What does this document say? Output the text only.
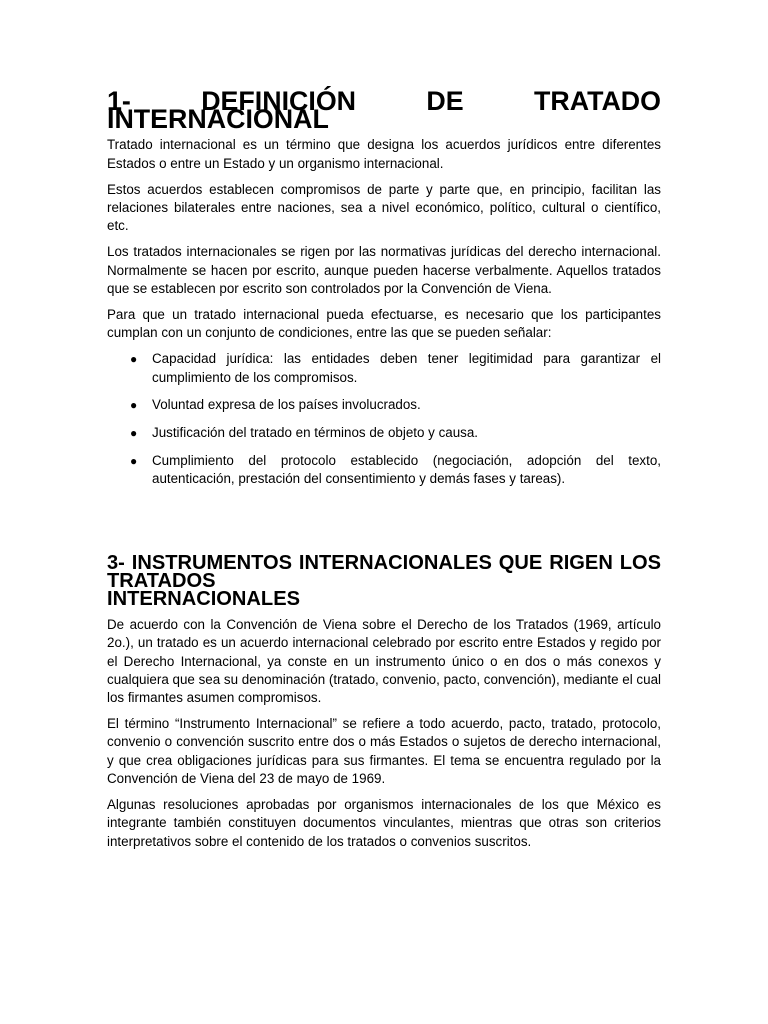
1- DEFINICIÓN DE TRATADO INTERNACIONAL

Tratado internacional es un término que designa los acuerdos jurídicos entre diferentes Estados o entre un Estado y un organismo internacional.

Estos acuerdos establecen compromisos de parte y parte que, en principio, facilitan las relaciones bilaterales entre naciones, sea a nivel económico, político, cultural o científico, etc.

Los tratados internacionales se rigen por las normativas jurídicas del derecho internacional. Normalmente se hacen por escrito, aunque pueden hacerse verbalmente. Aquellos tratados que se establecen por escrito son controlados por la Convención de Viena.

Para que un tratado internacional pueda efectuarse, es necesario que los participantes cumplan con un conjunto de condiciones, entre las que se pueden señalar:

● Capacidad jurídica: las entidades deben tener legitimidad para garantizar el cumplimiento de los compromisos.
● Voluntad expresa de los países involucrados.
● Justificación del tratado en términos de objeto y causa.
● Cumplimiento del protocolo establecido (negociación, adopción del texto, autenticación, prestación del consentimiento y demás fases y tareas).
3- INSTRUMENTOS INTERNACIONALES QUE RIGEN LOS TRATADOS
INTERNACIONALES

De acuerdo con la Convención de Viena sobre el Derecho de los Tratados (1969, artículo 2o.), un tratado es un acuerdo internacional celebrado por escrito entre Estados y regido por el Derecho Internacional, ya conste en un instrumento único o en dos o más conexos y cualquiera que sea su denominación (tratado, convenio, pacto, convención), mediante el cual los firmantes asumen compromisos.

El término “Instrumento Internacional” se refiere a todo acuerdo, pacto, tratado, protocolo, convenio o convención suscrito entre dos o más Estados o sujetos de derecho internacional, y que crea obligaciones jurídicas para sus firmantes. El tema se encuentra regulado por la Convención de Viena del 23 de mayo de 1969.

Algunas resoluciones aprobadas por organismos internacionales de los que México es integrante también constituyen documentos vinculantes, mientras que otras son criterios interpretativos sobre el contenido de los tratados o convenios suscritos.
